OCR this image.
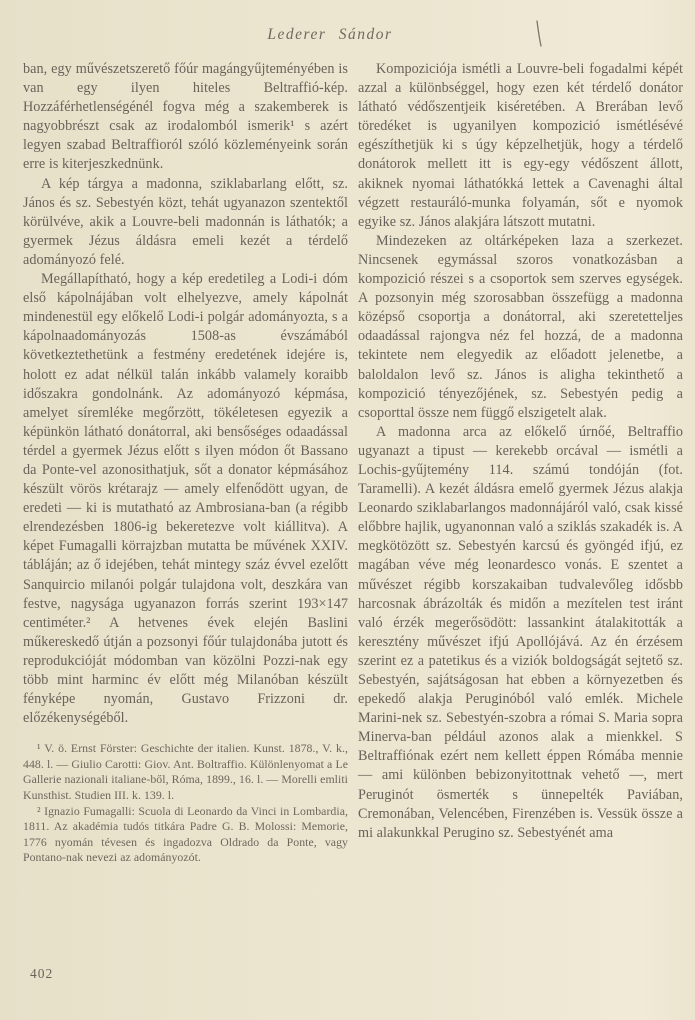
Lederer Sándor

ban, egy művészetszerető főúr magángyűjteményében is van egy ilyen hiteles Beltraffió-kép. Hozzáférhetlenségénél fogva még a szakemberek is nagyobbrészt csak az irodalomból ismerik¹ s azért legyen szabad Beltraffioról szóló közleményeink során erre is kiterjeszkednünk.

A kép tárgya a madonna, sziklabarlang előtt, sz. János és sz. Sebestyén közt, tehát ugyanazon szentektől körülvéve, akik a Louvre-beli madonnán is láthatók; a gyermek Jézus áldásra emeli kezét a térdelő adományozó felé.

Megállapítható, hogy a kép eredetileg a Lodi-i dóm első kápolnájában volt elhelyezve, amely kápolnát mindenestül egy előkelő Lodi-i polgár adományozta, s a kápolnaadományozás 1508-as évszámából következtethetünk a festmény eredetének idejére is, holott ez adat nélkül talán inkább valamely koraibb időszakra gondolnánk. Az adományozó képmása, amelyet síremléke megőrzött, tökéletesen egyezik a képünkön látható donátorral, aki bensőséges odaadással térdel a gyermek Jézus előtt s ilyen módon őt Bassano da Ponte-vel azonosithatjuk, sőt a donator képmásához készült vörös krétarajz — amely elfenődött ugyan, de eredeti — ki is mutatható az Ambrosiana-ban (a régibb elrendezésben 1806-ig bekeretezve volt kiállitva). A képet Fumagalli körrajzban mutatta be művének XXIV. tábláján; az ő idejében, tehát mintegy száz évvel ezelőtt Sanquircio milanói polgár tulajdona volt, deszkára van festve, nagysága ugyanazon forrás szerint 193×147 centiméter.² A hetvenes évek elején Baslini műkereskedő útján a pozsonyi főúr tulajdonába jutott és reprodukcióját módomban van közölni Pozzi-nak egy több mint harminc év előtt még Milanóban készült fényképe nyomán, Gustavo Frizzoni dr. előzékenységéből.

¹ V. ö. Ernst Förster: Geschichte der italien. Kunst. 1878., V. k., 448. l. — Giulio Carotti: Giov. Ant. Boltraffio. Különlenyomat a Le Gallerie nazionali italiane-ből, Róma, 1899., 16. l. — Morelli emliti Kunsthist. Studien III. k. 139. l.

² Ignazio Fumagalli: Scuola di Leonardo da Vinci in Lombardia, 1811. Az akadémia tudós titkára Padre G. B. Molossi: Memorie, 1776 nyomán tévesen és ingadozva Oldrado da Ponte, vagy Pontano-nak nevezi az adományozót.

Kompoziciója ismétli a Louvre-beli fogadalmi képét azzal a különbséggel, hogy ezen két térdelő donátor látható védőszentjeik kiséretében. A Brerában levő töredéket is ugyanilyen kompozició ismétlésévé egészíthetjük ki s úgy képzelhetjük, hogy a térdelő donátorok mellett itt is egy-egy védőszent állott, akiknek nyomai láthatókká lettek a Cavenaghi által végzett restauráló-munka folyamán, sőt e nyomok egyike sz. János alakjára látszott mutatni.

Mindezeken az oltárképeken laza a szerkezet. Nincsenek egymással szoros vonatkozásban a kompozició részei s a csoportok sem szerves egységek. A pozsonyin még szorosabban összefügg a madonna középső csoportja a donátorral, aki szeretetteljes odaadással rajongva néz fel hozzá, de a madonna tekintete nem elegyedik az előadott jelenetbe, a baloldalon levő sz. János is aligha tekinthető a kompozició tényezőjének, sz. Sebestyén pedig a csoporttal össze nem függő elszigetelt alak.

A madonna arca az előkelő úrnőé, Beltraffio ugyanazt a tipust — kerekebb orcával — ismétli a Lochis-gyűjtemény 114. számú tondóján (fot. Taramelli). A kezét áldásra emelő gyermek Jézus alakja Leonardo sziklabarlangos madonnájáról való, csak kissé előbbre hajlik, ugyanonnan való a sziklás szakadék is. A megkötözött sz. Sebestyén karcsú és gyöngéd ifjú, ez magában véve még leonardesco vonás. E szentet a művészet régibb korszakaiban tudvalevőleg idősbb harcosnak ábrázolták és midőn a mezítelen test iránt való érzék megerősödött: lassankint átalakitották a keresztény művészet ifjú Apollójává. Az én érzésem szerint ez a patetikus és a viziók boldogságát sejtető sz. Sebestyén, sajátságosan hat ebben a környezetben és epekedő alakja Peruginóból való emlék. Michele Marini-nek sz. Sebestyén-szobra a római S. Maria sopra Minerva-ban például azonos alak a mienkkel. S Beltraffiónak ezért nem kellett éppen Rómába mennie — ami különben bebizonyitottnak vehető —, mert Peruginót ösmerték s ünnepelték Paviában, Cremonában, Velencében, Firenzében is. Vessük össze a mi alakunkkal Perugino sz. Sebestyénét ama

402
